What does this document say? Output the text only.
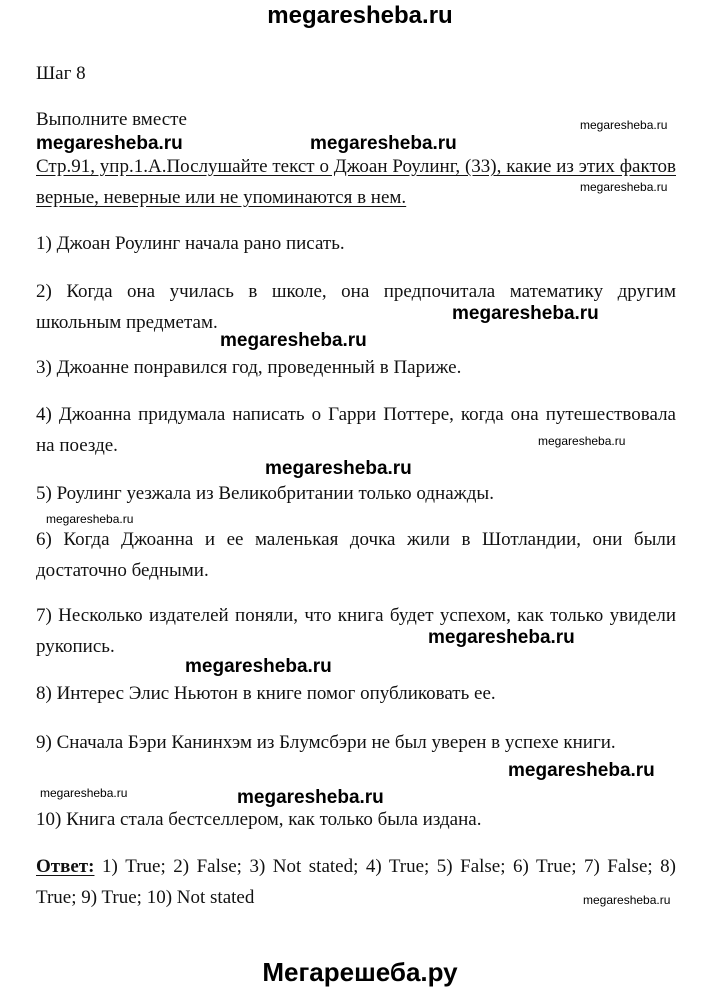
megaresheba.ru
Шаг 8
Выполните вместе
Стр.91, упр.1.А.Послушайте текст о Джоан Роулинг, (33), какие из этих фактов верные, неверные или не упоминаются в нем.
1) Джоан Роулинг начала рано писать.
2) Когда она училась в школе, она предпочитала математику другим школьным предметам.
3) Джоанне понравился год, проведенный в Париже.
4) Джоанна придумала написать о Гарри Поттере, когда она путешествовала на поезде.
5) Роулинг уезжала из Великобритании только однажды.
6) Когда Джоанна и ее маленькая дочка жили в Шотландии, они были достаточно бедными.
7) Несколько издателей поняли, что книга будет успехом, как только увидели рукопись.
8) Интерес Элис Ньютон в книге помог опубликовать ее.
9) Сначала Бэри Канинхэм из Блумсбэри не был уверен в успехе книги.
10) Книга стала бестселлером, как только была издана.
Ответ: 1) True; 2) False; 3) Not stated; 4) True; 5) False; 6) True; 7) False; 8) True; 9) True; 10) Not stated
megaresheba.ru	megaresheba.ru
megaresheba.ru
megaresheba.ru
megaresheba.ru
megaresheba.ru
megaresheba.ru
megaresheba.ru
megaresheba.ru
megaresheba.ru
megaresheba.ru
megaresheba.ru
megaresheba.ru	megaresheba.ru
megaresheba.ru
Мегарешеба.ру
